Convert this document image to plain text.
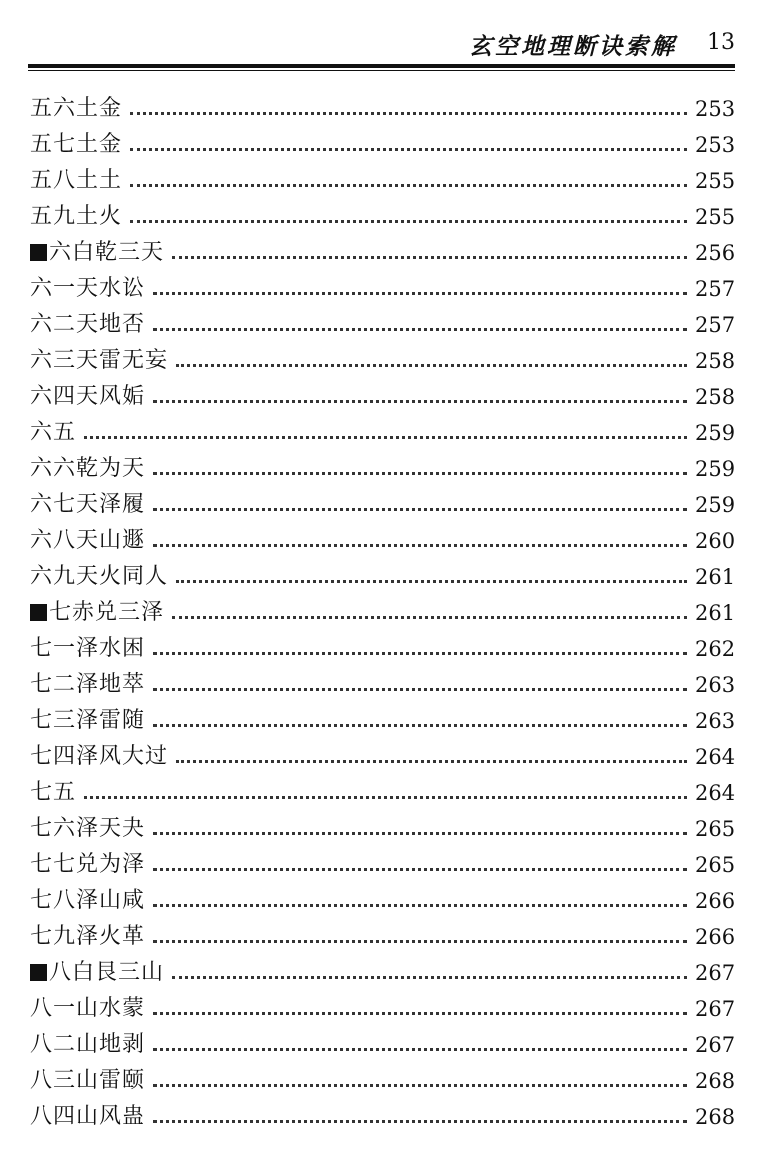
玄空地理断诀索解 13
五六土金	253
五七土金	253
五八土土	255
五九土火	255
六白乾三天	256
六一天水讼	257
六二天地否	257
六三天雷无妄	258
六四天风姤	258
六五	259
六六乾为天	259
六七天泽履	259
六八天山遯	260
六九天火同人	261
七赤兑三泽	261
七一泽水困	262
七二泽地萃	263
七三泽雷随	263
七四泽风大过	264
七五	264
七六泽天夬	265
七七兑为泽	265
七八泽山咸	266
七九泽火革	266
八白艮三山	267
八一山水蒙	267
八二山地剥	267
八三山雷颐	268
八四山风蛊	268
